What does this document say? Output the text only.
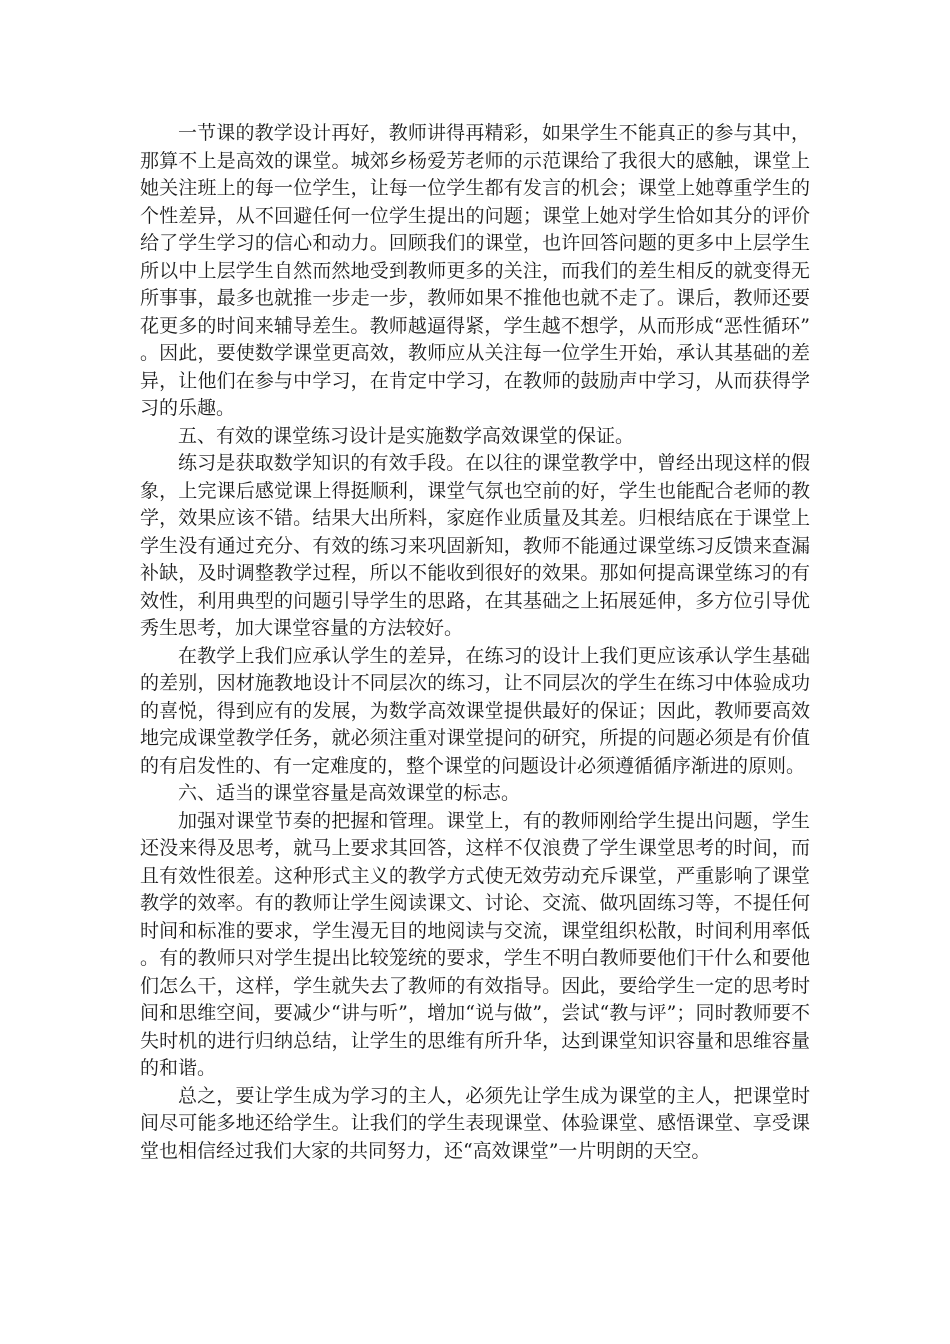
一节课的教学设计再好，教师讲得再精彩，如果学生不能真正的参与其中，那算不上是高效的课堂。城郊乡杨爱芳老师的示范课给了我很大的感触，课堂上她关注班上的每一位学生，让每一位学生都有发言的机会；课堂上她尊重学生的个性差异，从不回避任何一位学生提出的问题；课堂上她对学生恰如其分的评价给了学生学习的信心和动力。回顾我们的课堂，也许回答问题的更多中上层学生所以中上层学生自然而然地受到教师更多的关注，而我们的差生相反的就变得无所事事，最多也就推一步走一步，教师如果不推他也就不走了。课后，教师还要花更多的时间来辅导差生。教师越逼得紧，学生越不想学，从而形成“恶性循环”。因此，要使数学课堂更高效，教师应从关注每一位学生开始，承认其基础的差异，让他们在参与中学习，在肯定中学习，在教师的鼓励声中学习，从而获得学习的乐趣。

五、有效的课堂练习设计是实施数学高效课堂的保证。

练习是获取数学知识的有效手段。在以往的课堂教学中，曾经出现这样的假象，上完课后感觉课上得挺顺利，课堂气氛也空前的好，学生也能配合老师的教学，效果应该不错。结果大出所料，家庭作业质量及其差。归根结底在于课堂上学生没有通过充分、有效的练习来巩固新知，教师不能通过课堂练习反馈来查漏补缺，及时调整教学过程，所以不能收到很好的效果。那如何提高课堂练习的有效性，利用典型的问题引导学生的思路，在其基础之上拓展延伸，多方位引导优秀生思考，加大课堂容量的方法较好。

在教学上我们应承认学生的差异，在练习的设计上我们更应该承认学生基础的差别，因材施教地设计不同层次的练习，让不同层次的学生在练习中体验成功的喜悦，得到应有的发展，为数学高效课堂提供最好的保证；因此，教师要高效地完成课堂教学任务，就必须注重对课堂提问的研究，所提的问题必须是有价值的有启发性的、有一定难度的，整个课堂的问题设计必须遵循循序渐进的原则。

六、适当的课堂容量是高效课堂的标志。

加强对课堂节奏的把握和管理。课堂上，有的教师刚给学生提出问题，学生还没来得及思考，就马上要求其回答，这样不仅浪费了学生课堂思考的时间，而且有效性很差。这种形式主义的教学方式使无效劳动充斥课堂，严重影响了课堂教学的效率。有的教师让学生阅读课文、讨论、交流、做巩固练习等，不提任何时间和标准的要求，学生漫无目的地阅读与交流，课堂组织松散，时间利用率低。有的教师只对学生提出比较笼统的要求，学生不明白教师要他们干什么和要他们怎么干，这样，学生就失去了教师的有效指导。因此，要给学生一定的思考时间和思维空间，要减少“讲与听”，增加“说与做”，尝试“教与评”；同时教师要不失时机的进行归纳总结，让学生的思维有所升华，达到课堂知识容量和思维容量的和谐。

总之，要让学生成为学习的主人，必须先让学生成为课堂的主人，把课堂时间尽可能多地还给学生。让我们的学生表现课堂、体验课堂、感悟课堂、享受课堂也相信经过我们大家的共同努力，还“高效课堂”一片明朗的天空。
